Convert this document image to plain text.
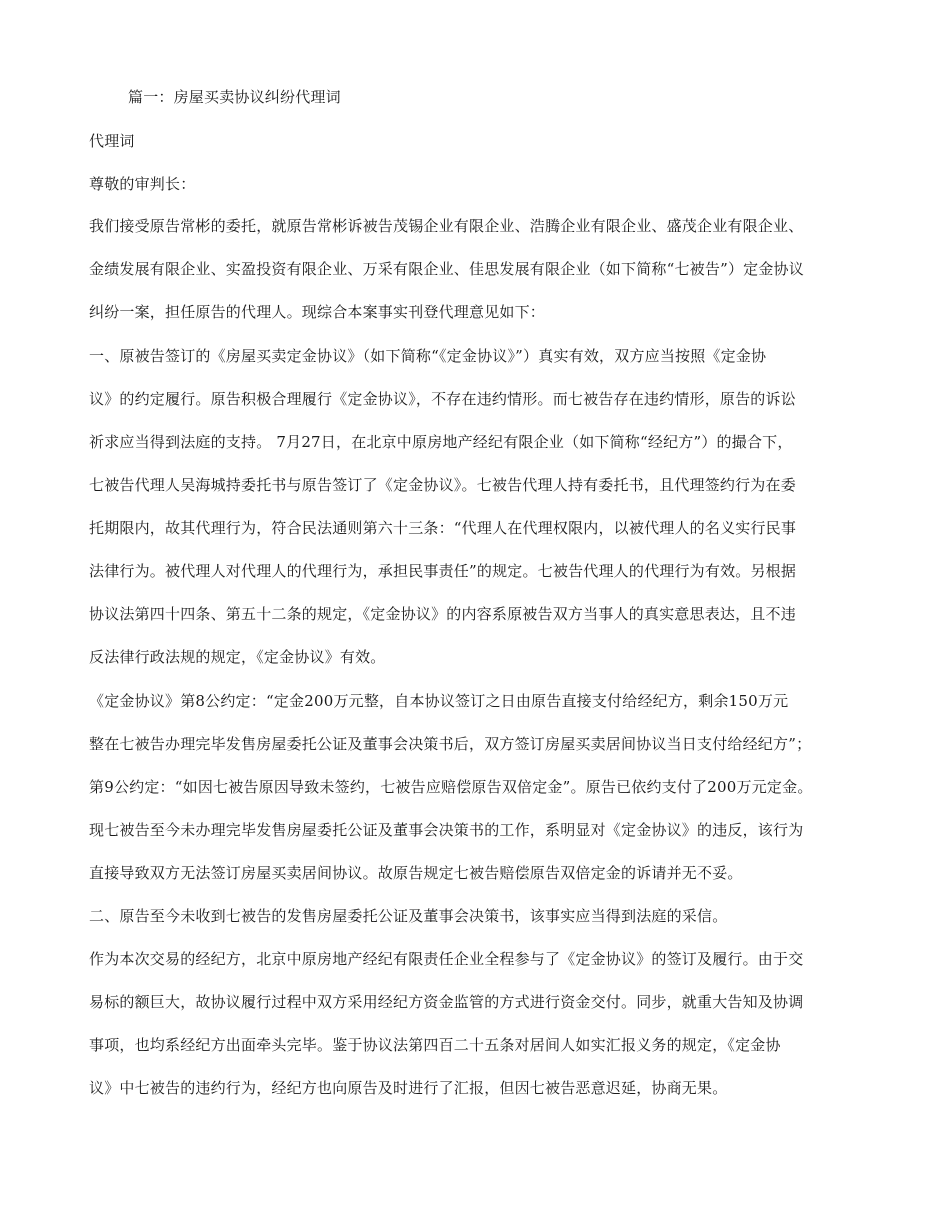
篇一：房屋买卖协议纠纷代理词
代理词
尊敬的审判长：
我们接受原告常彬的委托，就原告常彬诉被告茂锡企业有限企业、浩腾企业有限企业、盛茂企业有限企业、
金绩发展有限企业、实盈投资有限企业、万采有限企业、佳思发展有限企业（如下简称“七被告”）定金协议
纠纷一案，担任原告的代理人。现综合本案事实刊登代理意见如下：
一、原被告签订的《房屋买卖定金协议》（如下简称“《定金协议》”）真实有效，双方应当按照《定金协
议》的约定履行。原告积极合理履行《定金协议》，不存在违约情形。而七被告存在违约情形，原告的诉讼
祈求应当得到法庭的支持。 7月27日，在北京中原房地产经纪有限企业（如下简称“经纪方”）的撮合下，
七被告代理人吴海城持委托书与原告签订了《定金协议》。七被告代理人持有委托书，且代理签约行为在委
托期限内，故其代理行为，符合民法通则第六十三条：“代理人在代理权限内，以被代理人的名义实行民事
法律行为。被代理人对代理人的代理行为，承担民事责任”的规定。七被告代理人的代理行为有效。另根据
协议法第四十四条、第五十二条的规定，《定金协议》的内容系原被告双方当事人的真实意思表达，且不违
反法律行政法规的规定，《定金协议》有效。
《定金协议》第8公约定：“定金200万元整，自本协议签订之日由原告直接支付给经纪方，剩余150万元
整在七被告办理完毕发售房屋委托公证及董事会决策书后，双方签订房屋买卖居间协议当日支付给经纪方”；
第9公约定：“如因七被告原因导致未签约，七被告应赔偿原告双倍定金”。原告已依约支付了200万元定金。
现七被告至今未办理完毕发售房屋委托公证及董事会决策书的工作，系明显对《定金协议》的违反，该行为
直接导致双方无法签订房屋买卖居间协议。故原告规定七被告赔偿原告双倍定金的诉请并无不妥。
二、原告至今未收到七被告的发售房屋委托公证及董事会决策书，该事实应当得到法庭的采信。
作为本次交易的经纪方，北京中原房地产经纪有限责任企业全程参与了《定金协议》的签订及履行。由于交
易标的额巨大，故协议履行过程中双方采用经纪方资金监管的方式进行资金交付。同步，就重大告知及协调
事项，也均系经纪方出面牵头完毕。鉴于协议法第四百二十五条对居间人如实汇报义务的规定，《定金协
议》中七被告的违约行为，经纪方也向原告及时进行了汇报，但因七被告恶意迟延，协商无果。
